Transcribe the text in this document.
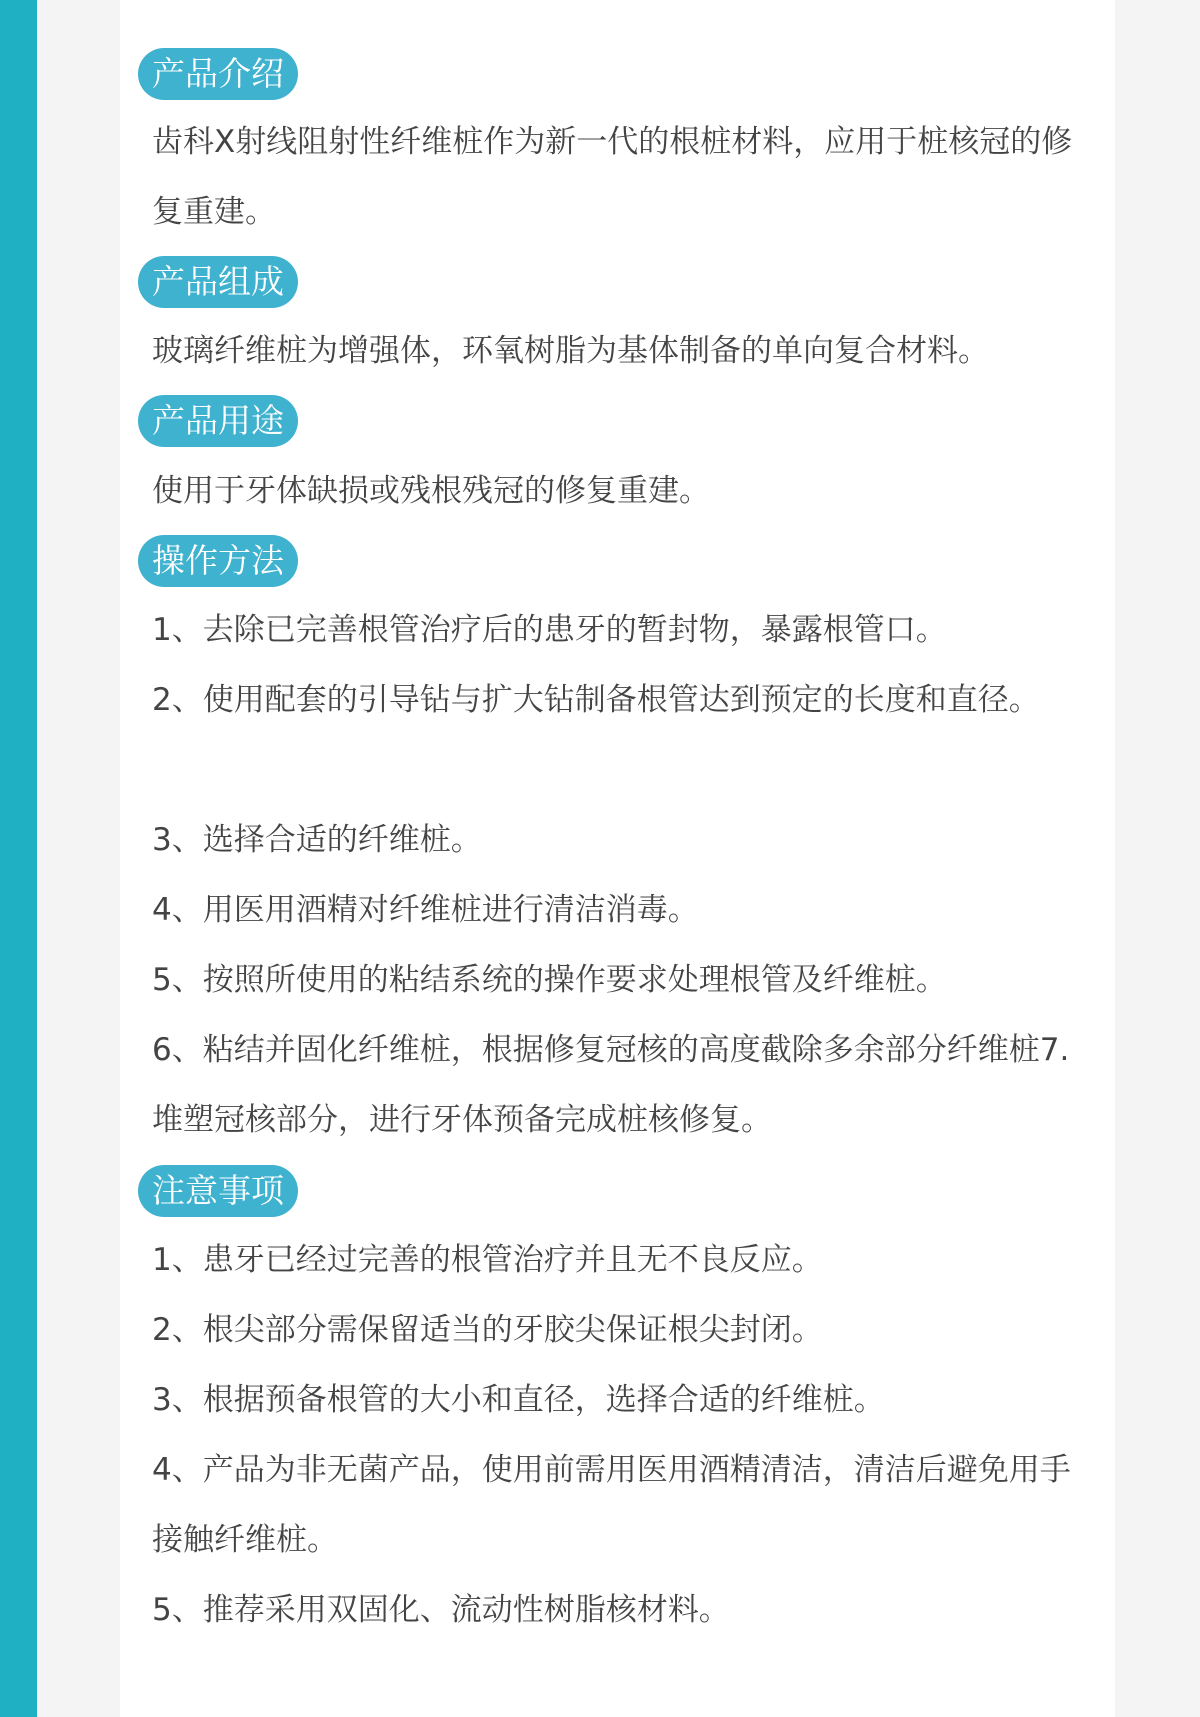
产品介绍

齿科X射线阻射性纤维桩作为新一代的根桩材料，应用于桩核冠的修复重建。

产品组成

玻璃纤维桩为增强体，环氧树脂为基体制备的单向复合材料。

产品用途

使用于牙体缺损或残根残冠的修复重建。

操作方法

1、去除已完善根管治疗后的患牙的暂封物，暴露根管口。

2、使用配套的引导钻与扩大钻制备根管达到预定的长度和直径。

3、选择合适的纤维桩。

4、用医用酒精对纤维桩进行清洁消毒。

5、按照所使用的粘结系统的操作要求处理根管及纤维桩。

6、粘结并固化纤维桩，根据修复冠核的高度截除多余部分纤维桩7. 堆塑冠核部分，进行牙体预备完成桩核修复。

注意事项

1、患牙已经过完善的根管治疗并且无不良反应。

2、根尖部分需保留适当的牙胶尖保证根尖封闭。

3、根据预备根管的大小和直径，选择合适的纤维桩。

4、产品为非无菌产品，使用前需用医用酒精清洁，清洁后避免用手接触纤维桩。

5、推荐采用双固化、流动性树脂核材料。
